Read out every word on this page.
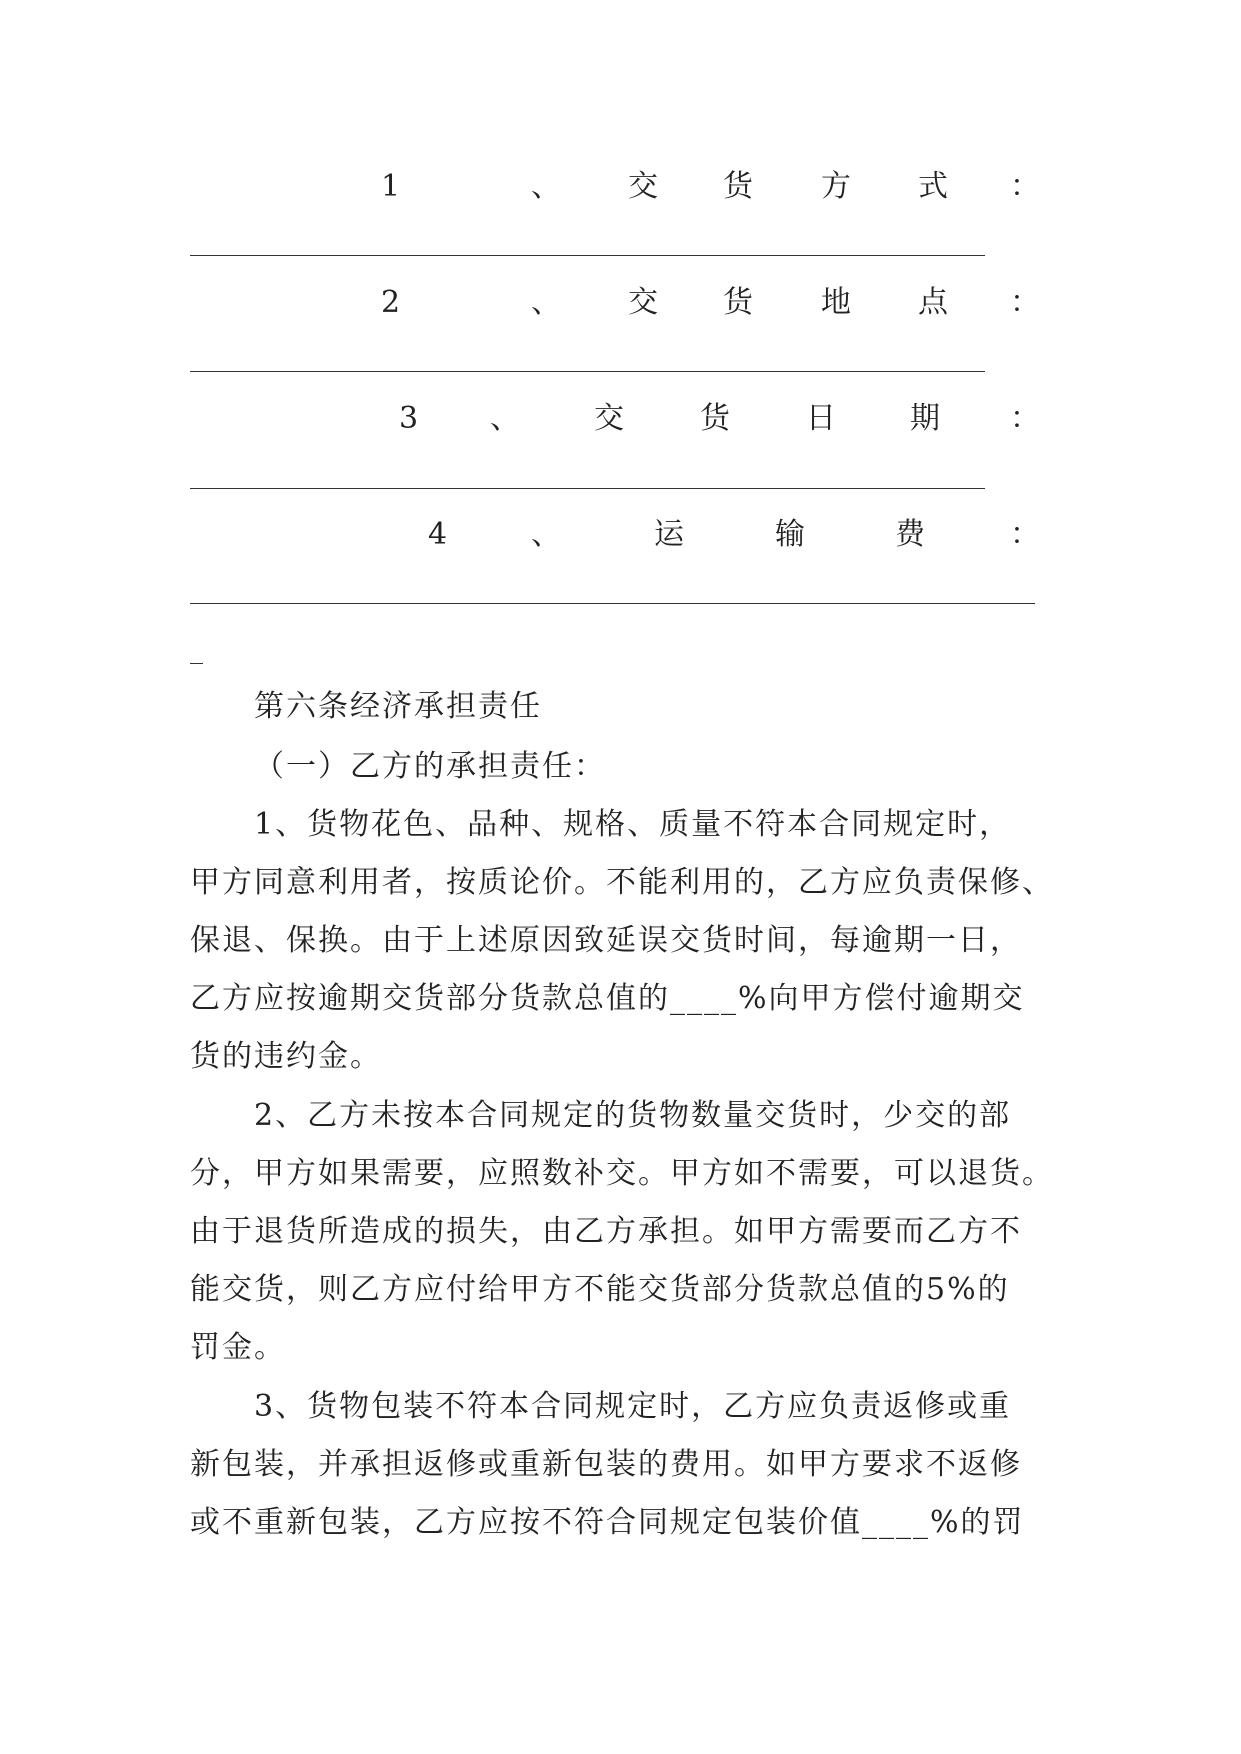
1	、 交 货 方 式 ：
2	、 交 货 地 点 ：
3 、 交	货	日 期 ：
4	、	运	输	费	：
第六条经济承担责任
（一）乙方的承担责任：
1、货物花色、品种、规格、质量不符本合同规定时，
甲方同意利用者，按质论价。不能利用的，乙方应负责保修、
保退、保换。由于上述原因致延误交货时间，每逾期一日，
乙方应按逾期交货部分货款总值的____%向甲方偿付逾期交
货的违约金。
2、乙方未按本合同规定的货物数量交货时，少交的部
分，甲方如果需要，应照数补交。甲方如不需要，可以退货。
由于退货所造成的损失，由乙方承担。如甲方需要而乙方不
能交货，则乙方应付给甲方不能交货部分货款总值的5%的
罚金。
3、货物包装不符本合同规定时，乙方应负责返修或重
新包装，并承担返修或重新包装的费用。如甲方要求不返修
或不重新包装，乙方应按不符合同规定包装价值____%的罚
